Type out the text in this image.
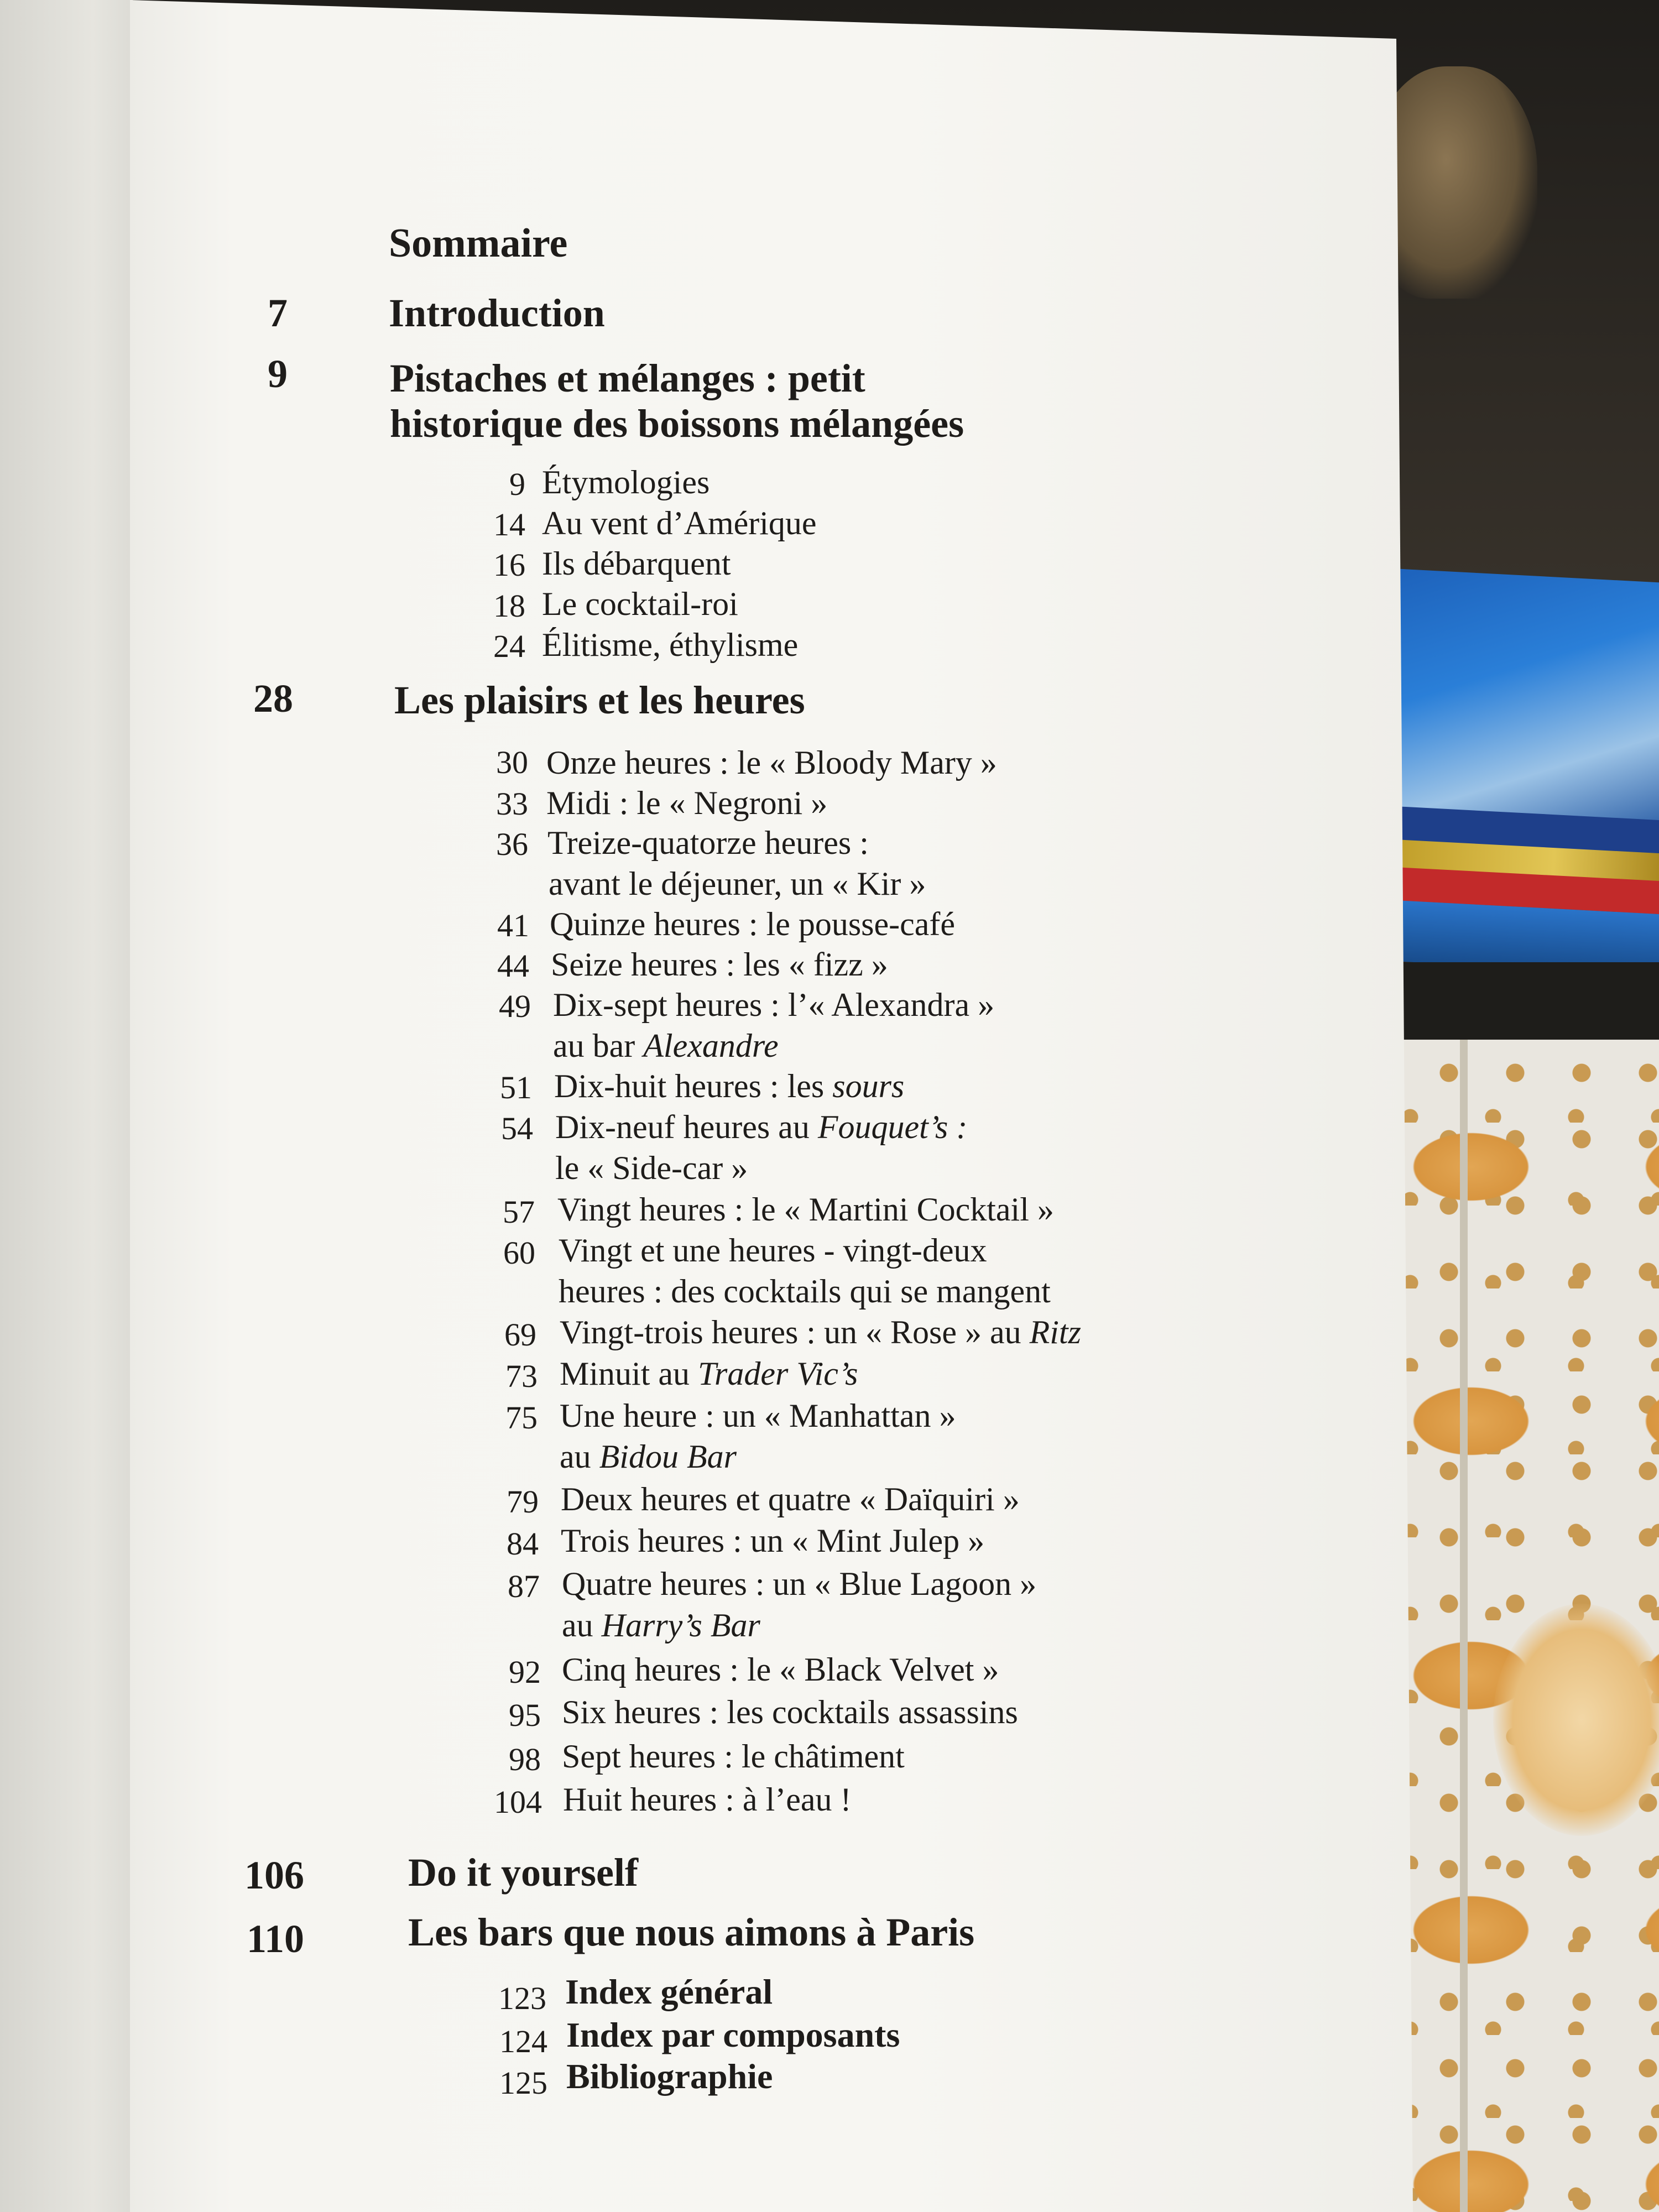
Sommaire
7	Introduction
9	Pistaches et mélanges : petit
historique des boissons mélangées
9 Étymologies
14 Au vent d’Amérique
16 Ils débarquent
18 Le cocktail-roi
24 Élitisme, éthylisme
28	Les plaisirs et les heures
30 Onze heures : le « Bloody Mary »
33 Midi : le « Negroni »
36 Treize-quatorze heures :
avant le déjeuner, un « Kir »
41 Quinze heures : le pousse-café
44 Seize heures : les « fizz »
49 Dix-sept heures : l’« Alexandra »
au bar Alexandre
51 Dix-huit heures : les sours
54 Dix-neuf heures au Fouquet’s :
le « Side-car »
57 Vingt heures : le « Martini Cocktail »
60 Vingt et une heures - vingt-deux
heures : des cocktails qui se mangent
69 Vingt-trois heures : un « Rose » au Ritz
73 Minuit au Trader Vic’s
75 Une heure : un « Manhattan »
au Bidou Bar
79 Deux heures et quatre « Daïquiri »
84 Trois heures : un « Mint Julep »
87 Quatre heures : un « Blue Lagoon »
au Harry’s Bar
92 Cinq heures : le « Black Velvet »
95 Six heures : les cocktails assassins
98 Sept heures : le châtiment
104 Huit heures : à l’eau !
106	Do it yourself
110	Les bars que nous aimons à Paris
123 Index général
124 Index par composants
125 Bibliographie
